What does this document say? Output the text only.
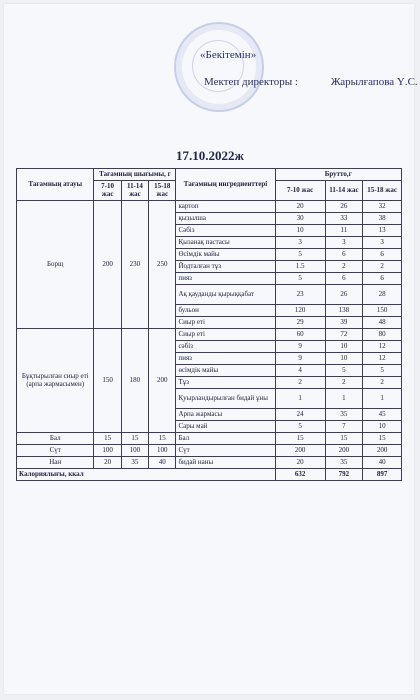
«Бекітемін»
Мектеп директоры :	Жарылғапова Ү.С.
17.10.2022ж
Тағамның атауы	Тағамның шығымы, г			Тағамның ингредиенттері	Брутто,г		
	7-10 жас	11-14 жас	15-18 жас		7-10 жас	11-14 жас	15-18 жас
Борщ	200	230	250	картоп	20	26	32
				қызылша	30	33	38
				Сәбіз	10	11	13
				Қызанақ пастасы	3	3	3
				Өсімдік майы	5	6	6
				Йодталған тұз	1.5	2	2
				пияз	5	6	6
				Ақ қауданды қырыққабат	23	26	28
				бульон	120	138	150
				Сиыр еті	29	39	48
Бұқтырылған сиыр еті (арпа жармасымен)	150	180	200	Сиыр еті	60	72	80
				сәбіз	9	10	12
				пияз	9	10	12
				өсімдік майы	4	5	5
				Тұз	2	2	2
				Қуырландырылған бидай ұны	1	1	1
				Арпа жармасы	24	35	45
				Сары май	5	7	10
Бал	15	15	15	Бал	15	15	15
Сүт	100	100	100	Сүт	200	200	200
Нан	20	35	40	бидай наны	20	35	40
Калориялығы, ккал					632	792	897
